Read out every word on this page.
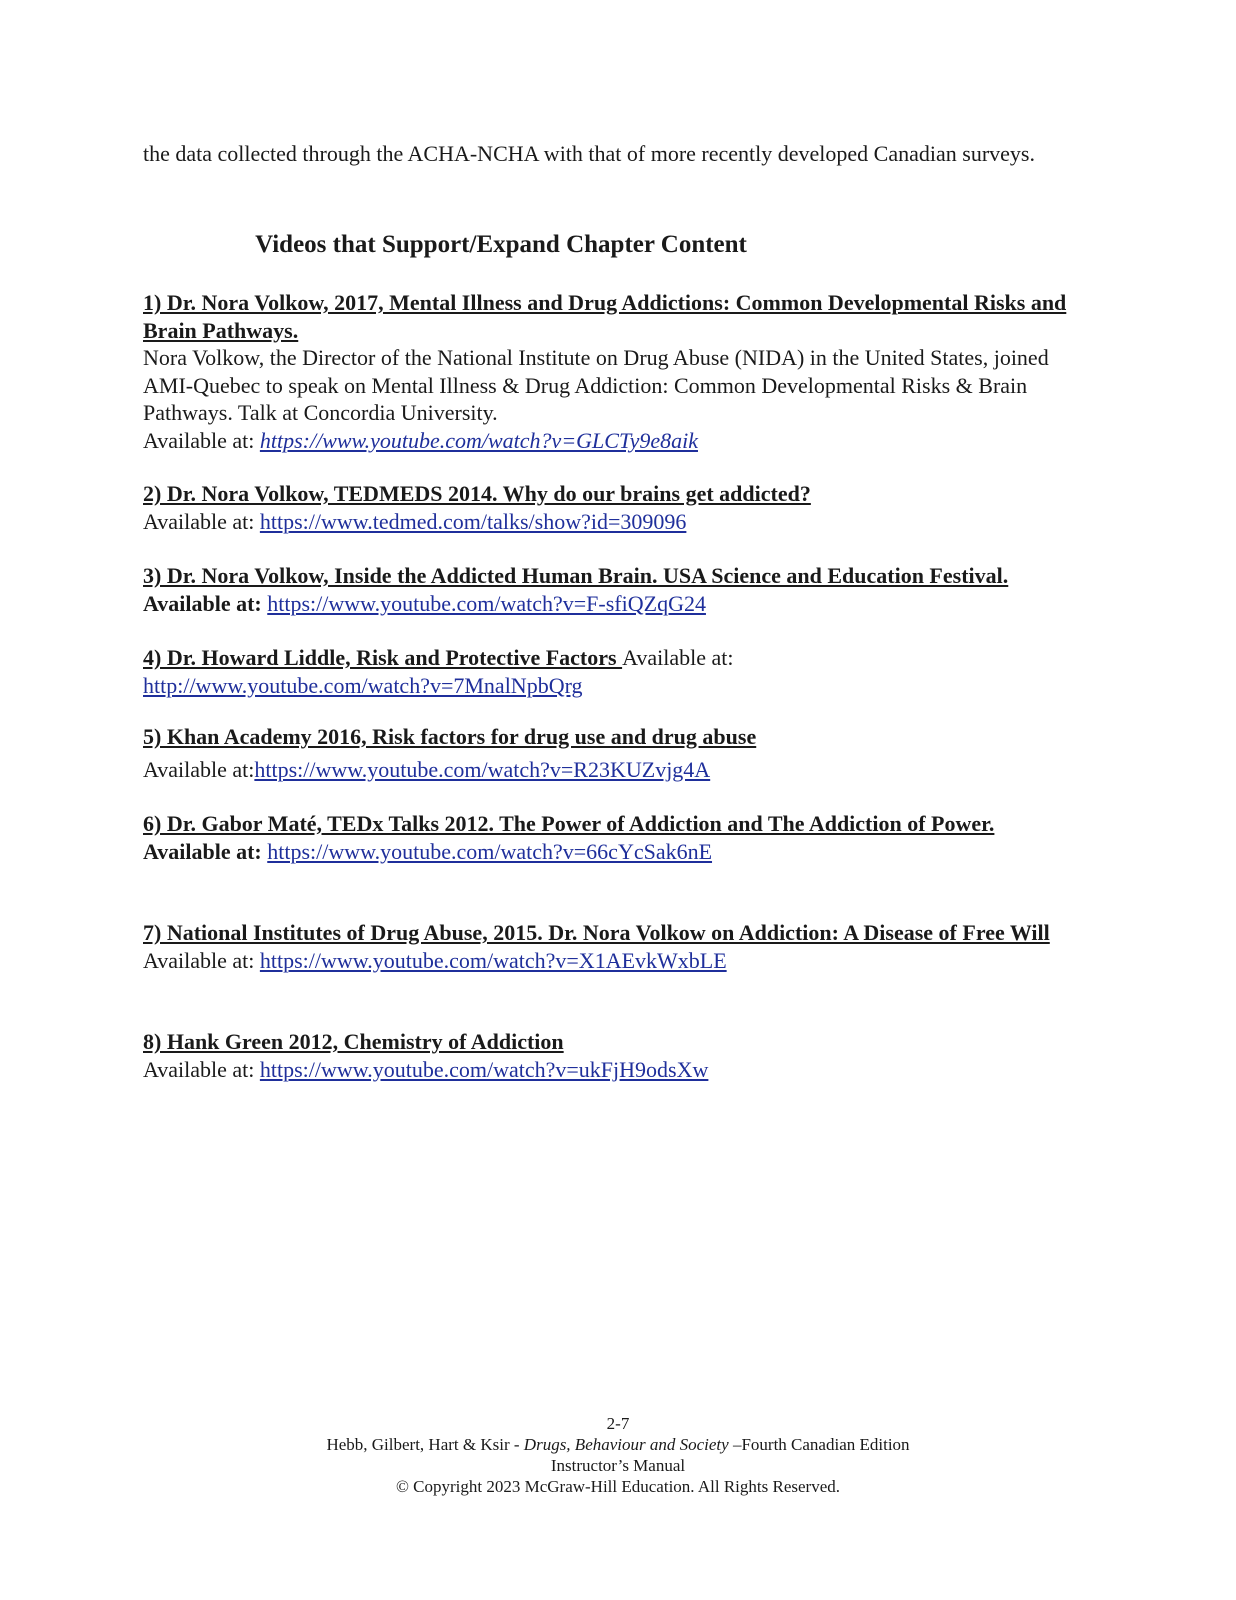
the data collected through the ACHA-NCHA with that of more recently developed Canadian surveys.

Videos that Support/Expand Chapter Content

1) Dr. Nora Volkow, 2017, Mental Illness and Drug Addictions: Common Developmental Risks and Brain Pathways.
Nora Volkow, the Director of the National Institute on Drug Abuse (NIDA) in the United States, joined AMI-Quebec to speak on Mental Illness & Drug Addiction: Common Developmental Risks & Brain Pathways. Talk at Concordia University.
Available at: https://www.youtube.com/watch?v=GLCTy9e8aik

2) Dr. Nora Volkow, TEDMEDS 2014. Why do our brains get addicted?
Available at: https://www.tedmed.com/talks/show?id=309096

3) Dr. Nora Volkow, Inside the Addicted Human Brain. USA Science and Education Festival. Available at: https://www.youtube.com/watch?v=F-sfiQZqG24

4) Dr. Howard Liddle, Risk and Protective Factors Available at:
http://www.youtube.com/watch?v=7MnalNpbQrg

5) Khan Academy 2016, Risk factors for drug use and drug abuse
Available at:https://www.youtube.com/watch?v=R23KUZvjg4A

6) Dr. Gabor Maté, TEDx Talks 2012. The Power of Addiction and The Addiction of Power.
Available at: https://www.youtube.com/watch?v=66cYcSak6nE

7) National Institutes of Drug Abuse, 2015. Dr. Nora Volkow on Addiction: A Disease of Free Will
Available at: https://www.youtube.com/watch?v=X1AEvkWxbLE

8) Hank Green 2012, Chemistry of Addiction
Available at: https://www.youtube.com/watch?v=ukFjH9odsXw

2-7
Hebb, Gilbert, Hart & Ksir - Drugs, Behaviour and Society –Fourth Canadian Edition
Instructor’s Manual
© Copyright 2023 McGraw-Hill Education. All Rights Reserved.
